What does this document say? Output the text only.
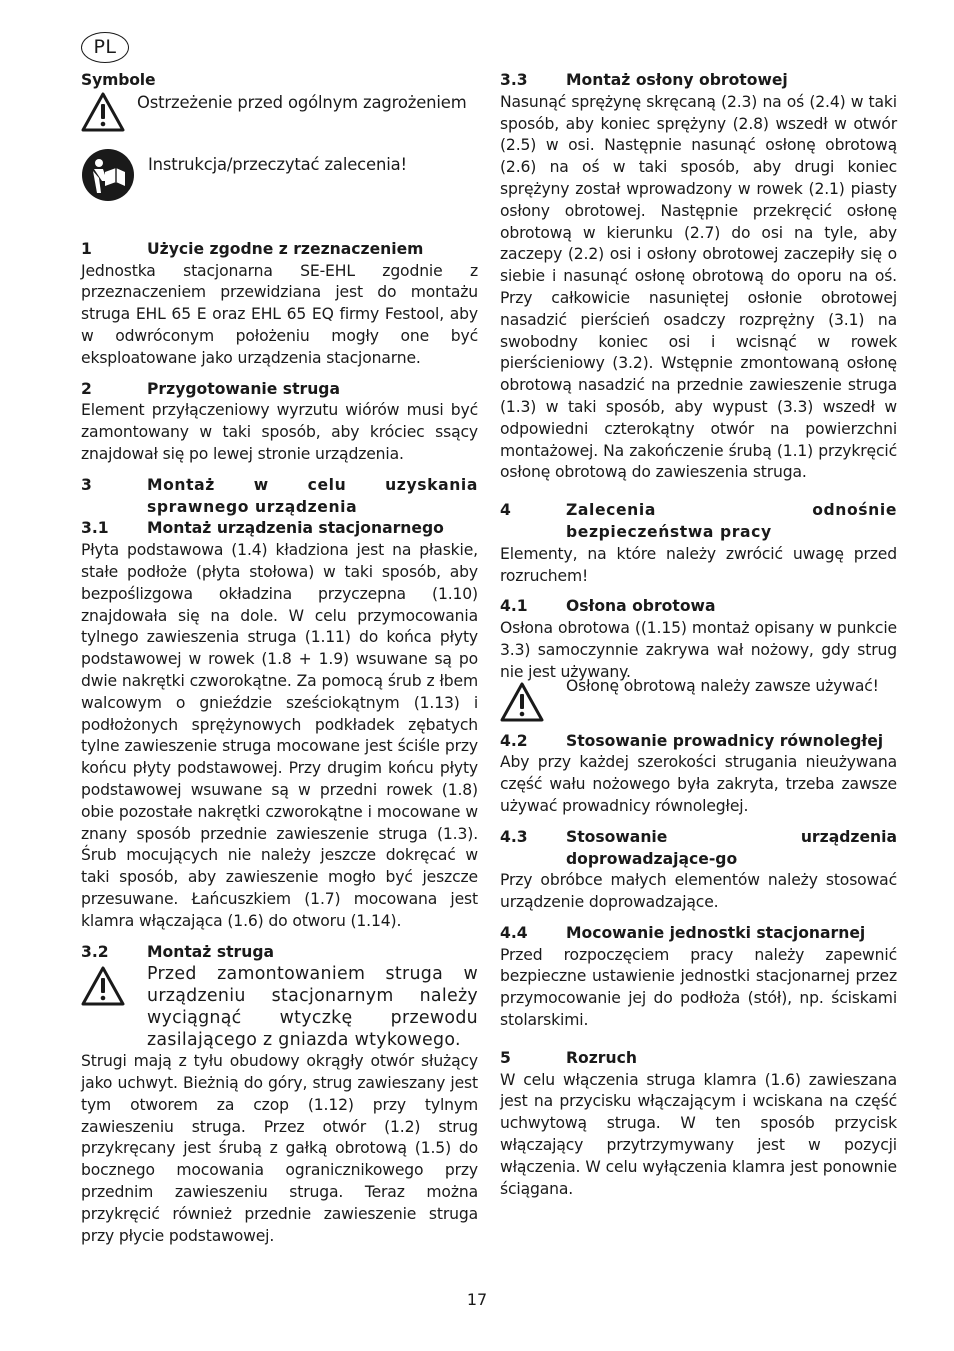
PL

Symbole

Ostrzeżenie przed ogólnym zagrożeniem

Instrukcja/przeczytać zalecenia!

1	Użycie zgodne z rzeznaczeniem

Jednostka stacjonarna SE-EHL zgodnie z przeznaczeniem przewidziana jest do montażu struga EHL 65 E oraz EHL 65 EQ firmy Festool, aby w odwróconym położeniu mogły one być eksploatowane jako urządzenia stacjonarne.

2	Przygotowanie struga

Element przyłączeniowy wyrzutu wiórów musi być zamontowany w taki sposób, aby króciec ssący znajdował się po lewej stronie urządzenia.

3	Montaż w celu uzyskania sprawnego urządzenia
3.1	Montaż urządzenia stacjonarnego

Płyta podstawowa (1.4) kładziona jest na płaskie, stałe podłoże (płyta stołowa) w taki sposób, aby bezpoślizgowa okładzina przyczepna (1.10) znajdowała się na dole. W celu przymocowania tylnego zawieszenia struga (1.11) do końca płyty podstawowej w rowek (1.8 + 1.9) wsuwane są po dwie nakrętki czworokątne. Za pomocą śrub z łbem walcowym o gnieździe sześciokątnym (1.13) i podłożonych sprężynowych podkładek zębatych tylne zawieszenie struga mocowane jest ściśle przy końcu płyty podstawowej. Przy drugim końcu płyty podstawowej wsuwane są w przedni rowek (1.8) obie pozostałe nakrętki czworokątne i mocowane w znany sposób przednie zawieszenie struga (1.3). Śrub mocujących nie należy jeszcze dokręcać w taki sposób, aby zawieszenie mogło być jeszcze przesuwane. Łańcuszkiem (1.7) mocowana jest klamra włączająca (1.6) do otworu (1.14).

3.2	Montaż struga

Przed zamontowaniem struga w urządzeniu stacjonarnym należy wyciągnąć wtyczkę przewodu zasilającego z gniazda wtykowego.

Strugi mają z tyłu obudowy okrągły otwór służący jako uchwyt. Bieżnią do góry, strug zawieszany jest tym otworem za czop (1.12) przy tylnym zawieszeniu struga. Przez otwór (1.2) strug przykręcany jest śrubą z gałką obrotową (1.5) do bocznego mocowania ogranicznikowego przy przednim zawieszeniu struga. Teraz można przykręcić również przednie zawieszenie struga przy płycie podstawowej.

3.3	Montaż osłony obrotowej

Nasunąć sprężynę skręcaną (2.3) na oś (2.4) w taki sposób, aby koniec sprężyny (2.8) wszedł w otwór (2.5) w osi. Następnie nasunąć osłonę obrotową (2.6) na oś w taki sposób, aby drugi koniec sprężyny został wprowadzony w rowek (2.1) piasty osłony obrotowej. Następnie przekręcić osłonę obrotową w kierunku (2.7) do osi na tyle, aby zaczepy (2.2) osi i osłony obrotowej zaczepiły się o siebie i nasunąć osłonę obrotową do oporu na oś. Przy całkowicie nasuniętej osłonie obrotowej nasadzić pierścień osadczy rozprężny (3.1) na swobodny koniec osi i wcisnąć w rowek pierścieniowy (3.2). Wstępnie zmontowaną osłonę obrotową nasadzić na przednie zawieszenie struga (1.3) w taki sposób, aby wypust (3.3) wszedł w odpowiedni czterokątny otwór na powierzchni montażowej. Na zakończenie śrubą (1.1) przykręcić osłonę obrotową do zawieszenia struga.

4	Zalecenia odnośnie bezpieczeństwa pracy

Elementy, na które należy zwrócić uwagę przed rozruchem!

4.1	Osłona obrotowa

Osłona obrotowa ((1.15) montaż opisany w punkcie 3.3) samoczynnie zakrywa wał nożowy, gdy strug nie jest używany.

Osłonę obrotową należy zawsze używać!

4.2	Stosowanie prowadnicy równoległej

Aby przy każdej szerokości strugania nieużywana część wału nożowego była zakryta, trzeba zawsze używać prowadnicy równoległej.

4.3	Stosowanie urządzenia doprowadzające-go

Przy obróbce małych elementów należy stosować urządzenie doprowadzające.

4.4	Mocowanie jednostki stacjonarnej

Przed rozpoczęciem pracy należy zapewnić bezpieczne ustawienie jednostki stacjonarnej przez przymocowanie jej do podłoża (stół), np. ściskami stolarskimi.

5	Rozruch

W celu włączenia struga klamra (1.6) zawieszana jest na przycisku włączającym i wciskana na część uchwytową struga. W ten sposób przycisk włączający przytrzymywany jest w pozycji włączenia. W celu wyłączenia klamra jest ponownie ściągana.

17
